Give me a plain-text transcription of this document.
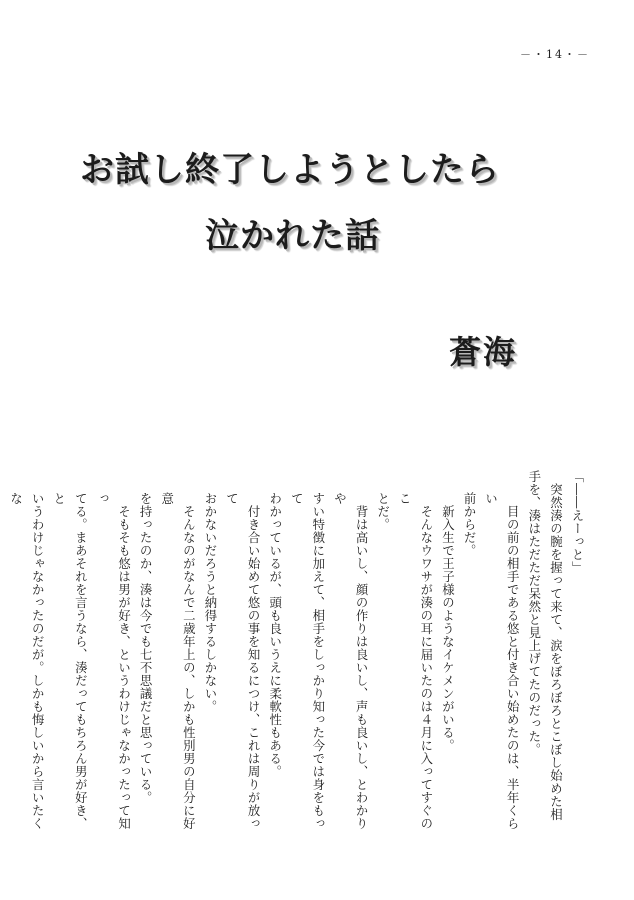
－・14・－
お試し終了しようとしたら
泣かれた話
蒼海

「――えーっと」
　突然湊の腕を握って来て、涙をぼろぼろとこぼし始めた相
手を、湊はただただ呆然と見上げてたのだった。

　目の前の相手である悠と付き合い始めたのは、半年くらい
前からだ。
　新入生で王子様のようなイケメンがいる。
　そんなウワサが湊の耳に届いたのは４月に入ってすぐのこ
とだ。
　背は高いし、顔の作りは良いし、声も良いし、とわかりや
すい特徴に加えて、相手をしっかり知った今では身をもって
わかっているが、頭も良いうえに柔軟性もある。
　付き合い始めて悠の事を知るにつけ、これは周りが放って
おかないだろうと納得するしかない。
　そんなのがなんで二歳年上の、しかも性別男の自分に好意
を持ったのか、湊は今でも七不思議だと思っている。
　そもそも悠は男が好き、というわけじゃなかったって知っ
てる。まあそれを言うなら、湊だってもちろん男が好き、と
いうわけじゃなかったのだが。しかも悔しいから言いたくな
